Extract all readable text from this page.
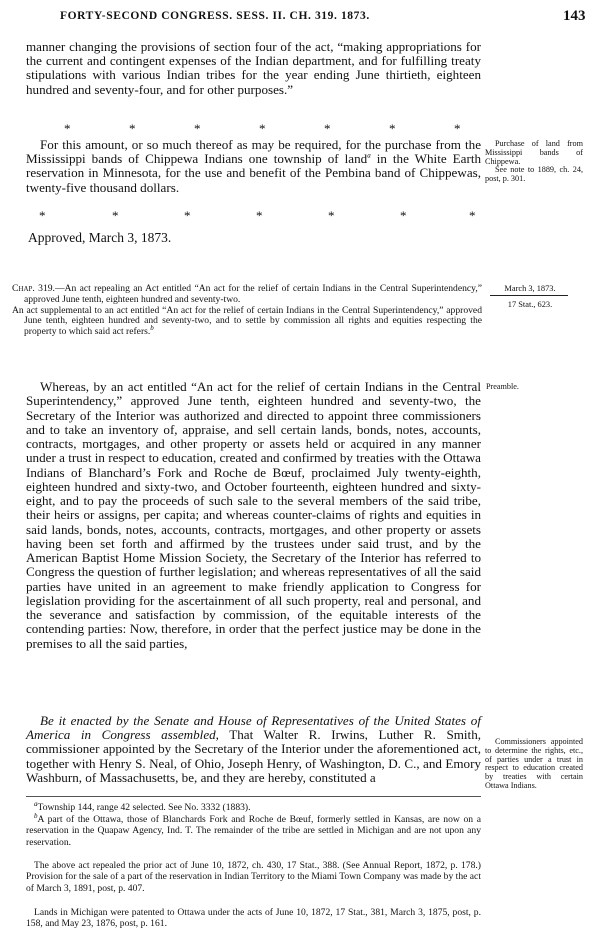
FORTY-SECOND CONGRESS. SESS. II. CH. 319. 1873.	143

manner changing the provisions of section four of the act, “making appropriations for the current and contingent expenses of the Indian department, and for fulfilling treaty stipulations with various Indian tribes for the year ending June thirtieth, eighteen hundred and seventy-four, and for other purposes.”

*	*	*	*	*	*	*

For this amount, or so much thereof as may be required, for the purchase from the Mississippi bands of Chippewa Indians one township of land$^a$ in the White Earth reservation in Minnesota, for the use and benefit of the Pembina band of Chippewas, twenty-five thousand dollars.

*	*	*	*	*	*	*
Approved, March 3, 1873.
Purchase of land from Mississippi bands of Chippewa.
See note to 1889, ch. 24, post, p. 301.
March 3, 1873.
17 Stat., 623.
Chap. 319.—An act repealing an Act entitled “An act for the relief of certain Indians in the Central Superintendency,” approved June tenth, eighteen hundred and seventy-two.
An act supplemental to an act entitled “An act for the relief of certain Indians in the Central Superintendency,” approved June tenth, eighteen hundred and seventy-two, and to settle by commission all rights and equities respecting the property to which said act refers.$^b$
Preamble.

Whereas, by an act entitled “An act for the relief of certain Indians in the Central Superintendency,” approved June tenth, eighteen hundred and seventy-two, the Secretary of the Interior was authorized and directed to appoint three commissioners and to take an inventory of, appraise, and sell certain lands, bonds, notes, accounts, contracts, mortgages, and other property or assets held or acquired in any manner under a trust in respect to education, created and confirmed by treaties with the Ottawa Indians of Blanchard’s Fork and Roche de Bœuf, proclaimed July twenty-eighth, eighteen hundred and sixty-two, and October fourteenth, eighteen hundred and sixty-eight, and to pay the proceeds of such sale to the several members of the said tribe, their heirs or assigns, per capita; and whereas counter-claims of rights and equities in said lands, bonds, notes, accounts, contracts, mortgages, and other property or assets having been set forth and affirmed by the trustees under said trust, and by the American Baptist Home Mission Society, the Secretary of the Interior has referred to Congress the question of further legislation; and whereas representatives of all the said parties have united in an agreement to make friendly application to Congress for legislation providing for the ascertainment of all such property, real and personal, and the severance and satisfaction by commission, of the equitable interests of the contending parties: Now, therefore, in order that the perfect justice may be done in the premises to all the said parties,

Be it enacted by the Senate and House of Representatives of the United States of America in Congress assembled, That Walter R. Irwins, Luther R. Smith, commissioner appointed by the Secretary of the Interior under the aforementioned act, together with Henry S. Neal, of Ohio, Joseph Henry, of Washington, D. C., and Emory Washburn, of Massachusetts, be, and they are hereby, constituted a

Commissioners appointed to determine the rights, etc., of parties under a trust in respect to education created by treaties with certain Ottawa Indians.

$^a$Township 144, range 42 selected. See No. 3332 (1883).

$^b$A part of the Ottawa, those of Blanchards Fork and Roche de Bœuf, formerly settled in Kansas, are now on a reservation in the Quapaw Agency, Ind. T. The remainder of the tribe are settled in Michigan and are not upon any reservation.

The above act repealed the prior act of June 10, 1872, ch. 430, 17 Stat., 388. (See Annual Report, 1872, p. 178.) Provision for the sale of a part of the reservation in Indian Territory to the Miami Town Company was made by the act of March 3, 1891, post, p. 407.

Lands in Michigan were patented to Ottawa under the acts of June 10, 1872, 17 Stat., 381, March 3, 1875, post, p. 158, and May 23, 1876, post, p. 161.
